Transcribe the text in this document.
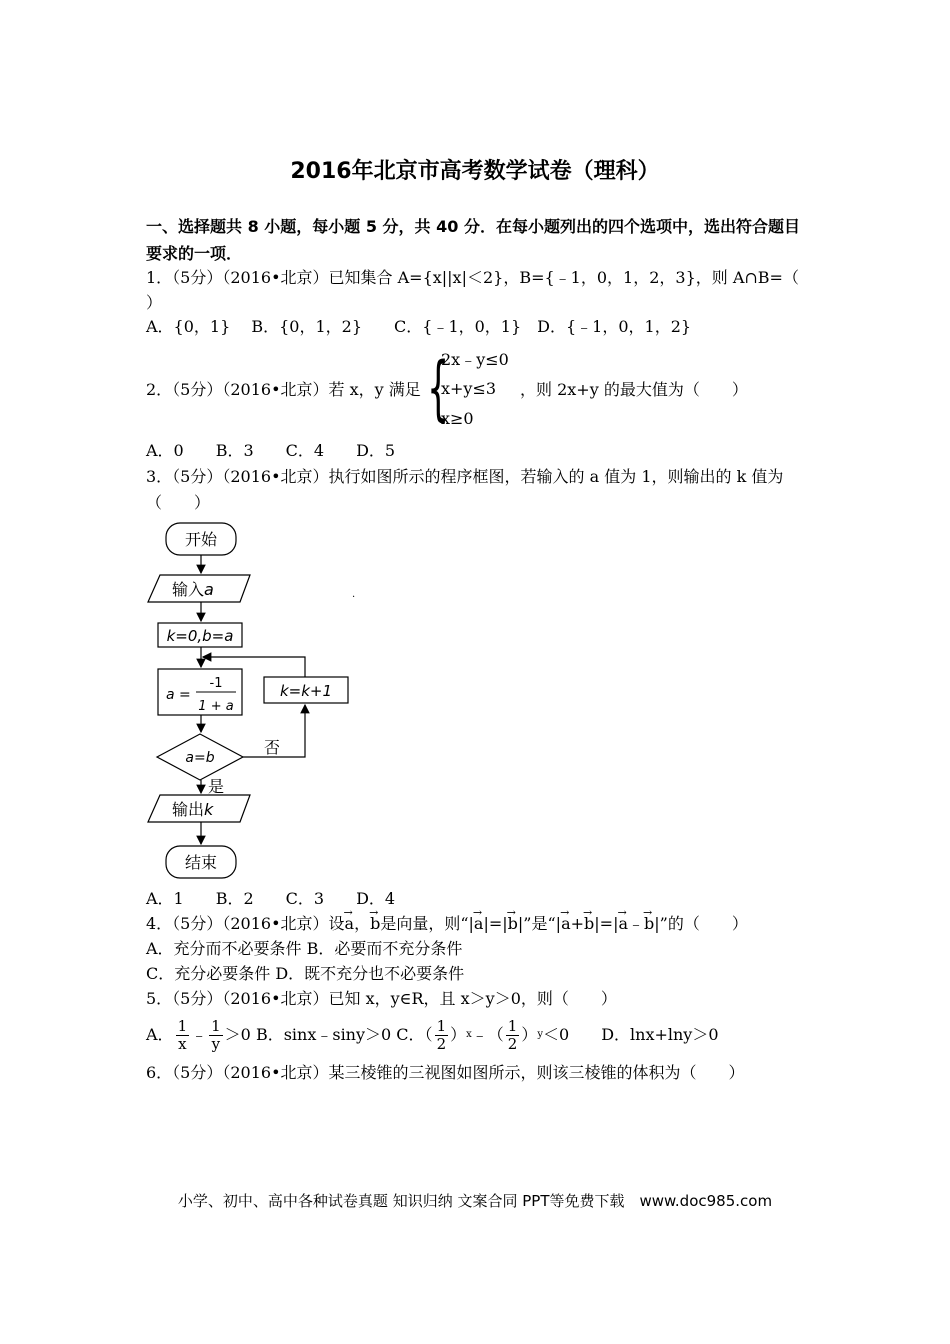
2016年北京市高考数学试卷（理科）
一、选择题共 8 小题，每小题 5 分，共 40 分．在每小题列出的四个选项中，选出符合题目
要求的一项．
1．（5分）（2016•北京）已知集合 A={x||x|＜2}，B={﹣1，0，1，2，3}，则 A∩B=（
）
A．{0，1}　 B．{0，1，2}　　C．{﹣1，0，1}　D．{﹣1，0，1，2}
2．（5分）（2016•北京）若 x，y 满足 {
2x﹣y≤0
x+y≤3
x≥0
，则 2x+y 的最大值为（　　）
A．0　　B．3　　C．4　　D．5
3．（5分）（2016•北京）执行如图所示的程序框图，若输入的 a 值为 1，则输出的 k 值为
（　　）
开始
输入a
k=0,b=a
a =
-1
1 + a
k=k+1
a=b
否
是
输出k
结束
.
A．1　　B．2　　C．3　　D．4
4．（5分）（2016•北京）设→ a，→ b是向量，则“|→ a|=|→ b|”是“|→ a+→ b|=|→ a﹣→ b|”的（　　）
A．充分而不必要条件 B．必要而不充分条件
C．充分必要条件 D．既不充分也不必要条件
5．（5分）（2016•北京）已知 x，y∈R，且 x＞y＞0，则（　　）
A． $\frac{1}{x}$ ﹣ $\frac{1}{y} >0$ B．sinx﹣siny＞0 C．（ $\frac{1}{2}$ ）$^x$﹣（ $\frac{1}{2} )^y<0$　　D．lnx+lny＞0
6．（5分）（2016•北京）某三棱锥的三视图如图所示，则该三棱锥的体积为（　　）
小学、初中、高中各种试卷真题 知识归纳 文案合同 PPT等免费下载　www.doc985.com
